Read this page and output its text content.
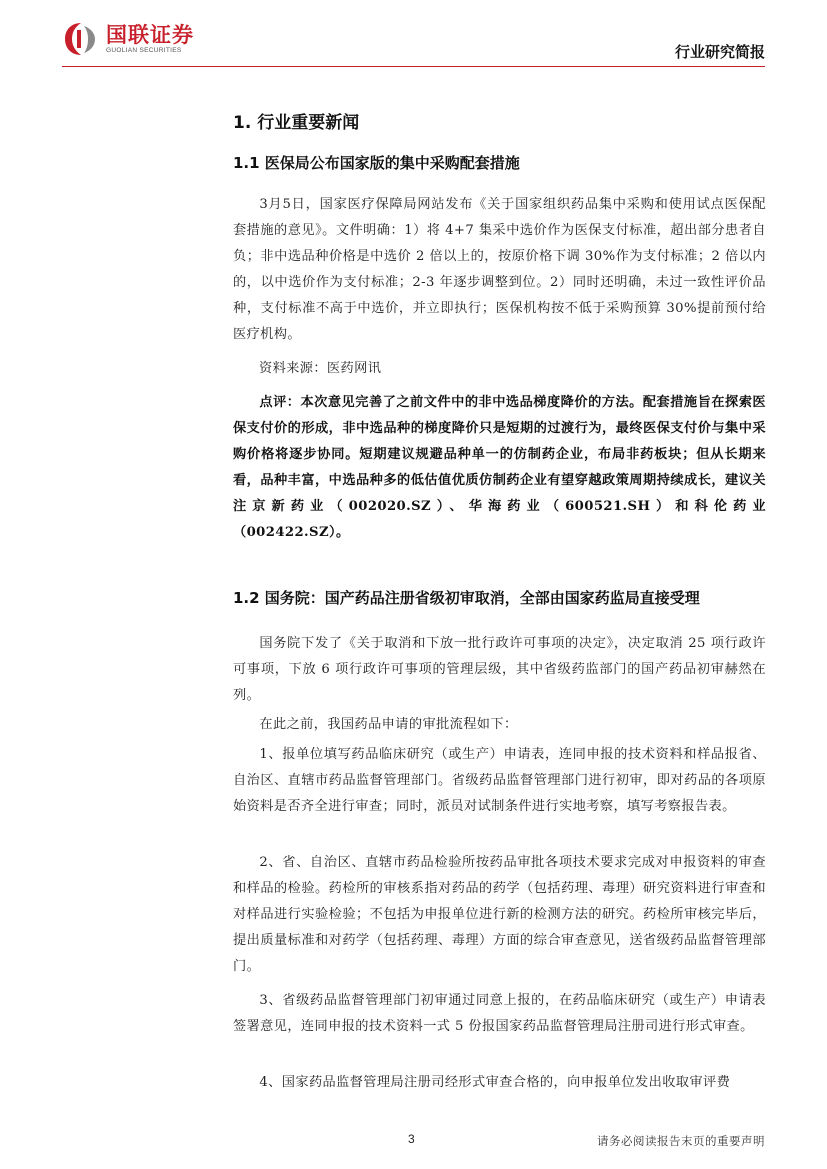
国联证券
GUOLIAN SECURITIES	行业研究简报
1. 行业重要新闻
1.1 医保局公布国家版的集中采购配套措施

3月5日，国家医疗保障局网站发布《关于国家组织药品集中采购和使用试点医保配套措施的意见》。文件明确：1）将 4+7 集采中选价作为医保支付标准，超出部分患者自负；非中选品种价格是中选价 2 倍以上的，按原价格下调 30%作为支付标准；2 倍以内的，以中选价作为支付标准；2-3 年逐步调整到位。2）同时还明确，未过一致性评价品种，支付标准不高于中选价，并立即执行；医保机构按不低于采购预算 30%提前预付给医疗机构。

资料来源：医药网讯

点评：本次意见完善了之前文件中的非中选品梯度降价的方法。配套措施旨在探索医保支付价的形成，非中选品种的梯度降价只是短期的过渡行为，最终医保支付价与集中采购价格将逐步协同。短期建议规避品种单一的仿制药企业，布局非药板块；但从长期来看，品种丰富，中选品种多的低估值优质仿制药企业有望穿越政策周期持续成长，建议关注京新药业（002020.SZ）、华海药业（600521.SH）和科伦药业（002422.SZ）。

1.2 国务院：国产药品注册省级初审取消，全部由国家药监局直接受理

国务院下发了《关于取消和下放一批行政许可事项的决定》，决定取消 25 项行政许可事项，下放 6 项行政许可事项的管理层级，其中省级药监部门的国产药品初审赫然在列。

在此之前，我国药品申请的审批流程如下：

1、报单位填写药品临床研究（或生产）申请表，连同申报的技术资料和样品报省、自治区、直辖市药品监督管理部门。省级药品监督管理部门进行初审，即对药品的各项原始资料是否齐全进行审查；同时，派员对试制条件进行实地考察，填写考察报告表。

2、省、自治区、直辖市药品检验所按药品审批各项技术要求完成对申报资料的审查和样品的检验。药检所的审核系指对药品的药学（包括药理、毒理）研究资料进行审查和对样品进行实验检验；不包括为申报单位进行新的检测方法的研究。药检所审核完毕后，提出质量标准和对药学（包括药理、毒理）方面的综合审查意见，送省级药品监督管理部门。

3、省级药品监督管理部门初审通过同意上报的，在药品临床研究（或生产）申请表签署意见，连同申报的技术资料一式 5 份报国家药品监督管理局注册司进行形式审查。

4、国家药品监督管理局注册司经形式审查合格的，向申报单位发出收取审评费

3	请务必阅读报告末页的重要声明
